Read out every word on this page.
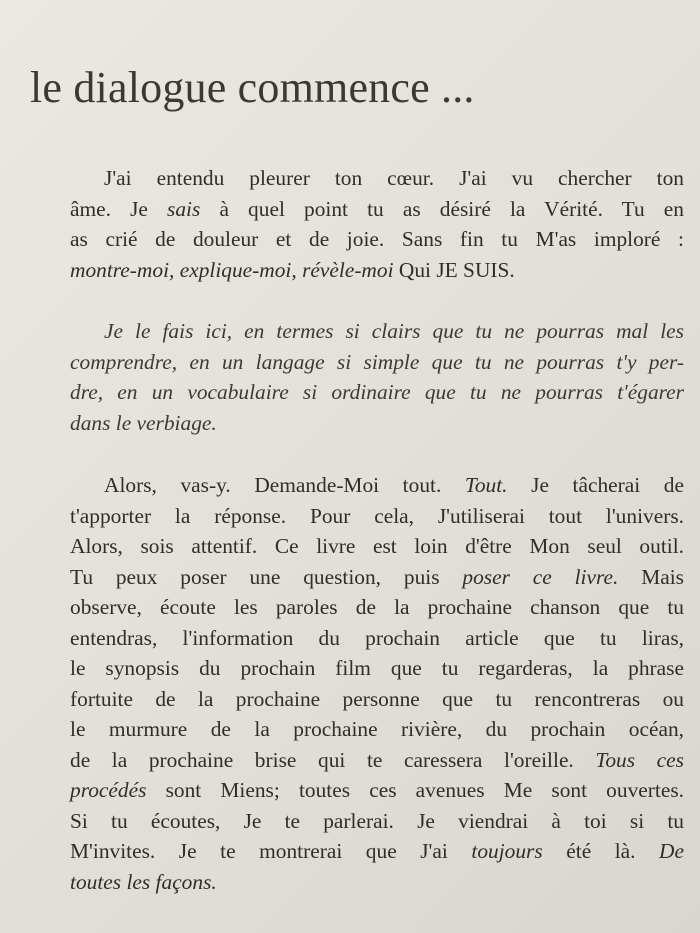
le dialogue commence ...
J'ai entendu pleurer ton cœur. J'ai vu chercher ton
âme. Je sais à quel point tu as désiré la Vérité. Tu en
as crié de douleur et de joie. Sans fin tu M'as imploré :
montre-moi, explique-moi, révèle-moi Qui JE SUIS.
Je le fais ici, en termes si clairs que tu ne pourras mal les
comprendre, en un langage si simple que tu ne pourras t'y per-
dre, en un vocabulaire si ordinaire que tu ne pourras t'égarer
dans le verbiage.
Alors, vas-y. Demande-Moi tout. Tout. Je tâcherai de
t'apporter la réponse. Pour cela, J'utiliserai tout l'univers.
Alors, sois attentif. Ce livre est loin d'être Mon seul outil.
Tu peux poser une question, puis poser ce livre. Mais
observe, écoute les paroles de la prochaine chanson que tu
entendras, l'information du prochain article que tu liras,
le synopsis du prochain film que tu regarderas, la phrase
fortuite de la prochaine personne que tu rencontreras ou
le murmure de la prochaine rivière, du prochain océan,
de la prochaine brise qui te caressera l'oreille. Tous ces
procédés sont Miens; toutes ces avenues Me sont ouvertes.
Si tu écoutes, Je te parlerai. Je viendrai à toi si tu
M'invites. Je te montrerai que J'ai toujours été là. De
toutes les façons.
